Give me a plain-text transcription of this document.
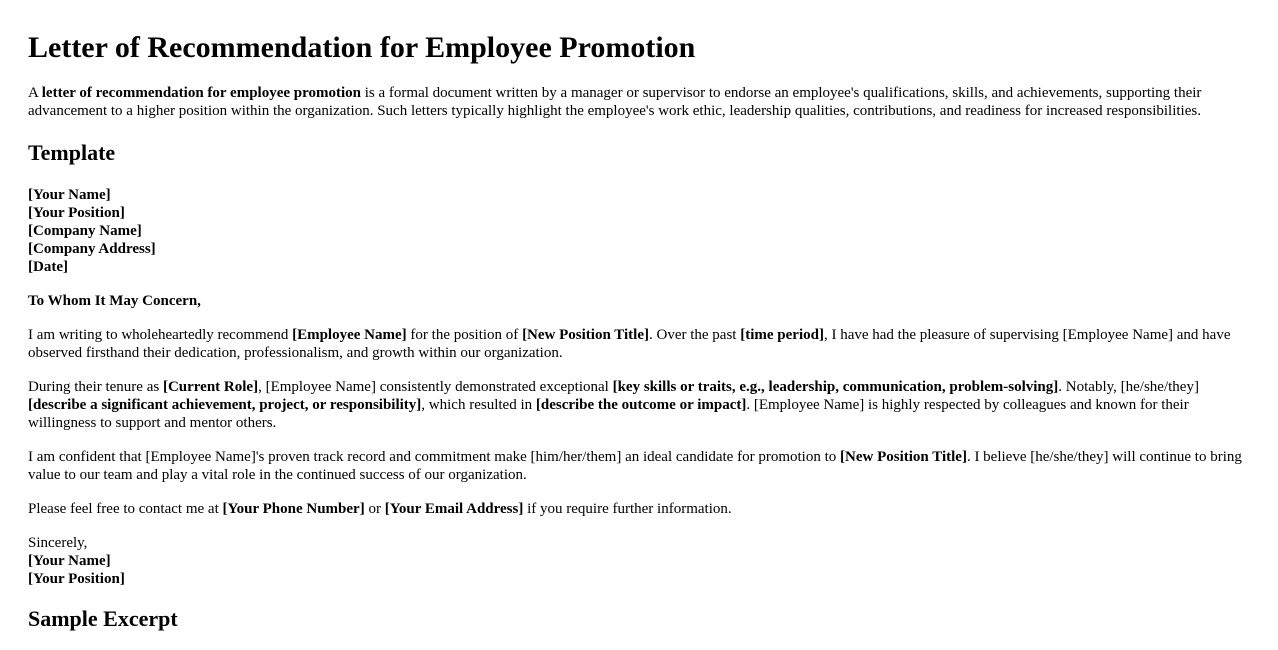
Letter of Recommendation for Employee Promotion

A letter of recommendation for employee promotion is a formal document written by a manager or supervisor to endorse an employee's qualifications, skills, and achievements, supporting their advancement to a higher position within the organization. Such letters typically highlight the employee's work ethic, leadership qualities, contributions, and readiness for increased responsibilities.

Template
[Your Name]
[Your Position]
[Company Name]
[Company Address]
[Date]

To Whom It May Concern,

I am writing to wholeheartedly recommend [Employee Name] for the position of [New Position Title]. Over the past [time period], I have had the pleasure of supervising [Employee Name] and have observed firsthand their dedication, professionalism, and growth within our organization.

During their tenure as [Current Role], [Employee Name] consistently demonstrated exceptional [key skills or traits, e.g., leadership, communication, problem-solving]. Notably, [he/she/they] [describe a significant achievement, project, or responsibility], which resulted in [describe the outcome or impact]. [Employee Name] is highly respected by colleagues and known for their willingness to support and mentor others.

I am confident that [Employee Name]'s proven track record and commitment make [him/her/them] an ideal candidate for promotion to [New Position Title]. I believe [he/she/they] will continue to bring value to our team and play a vital role in the continued success of our organization.

Please feel free to contact me at [Your Phone Number] or [Your Email Address] if you require further information.

Sincerely,
[Your Name]
[Your Position]
Sample Excerpt
